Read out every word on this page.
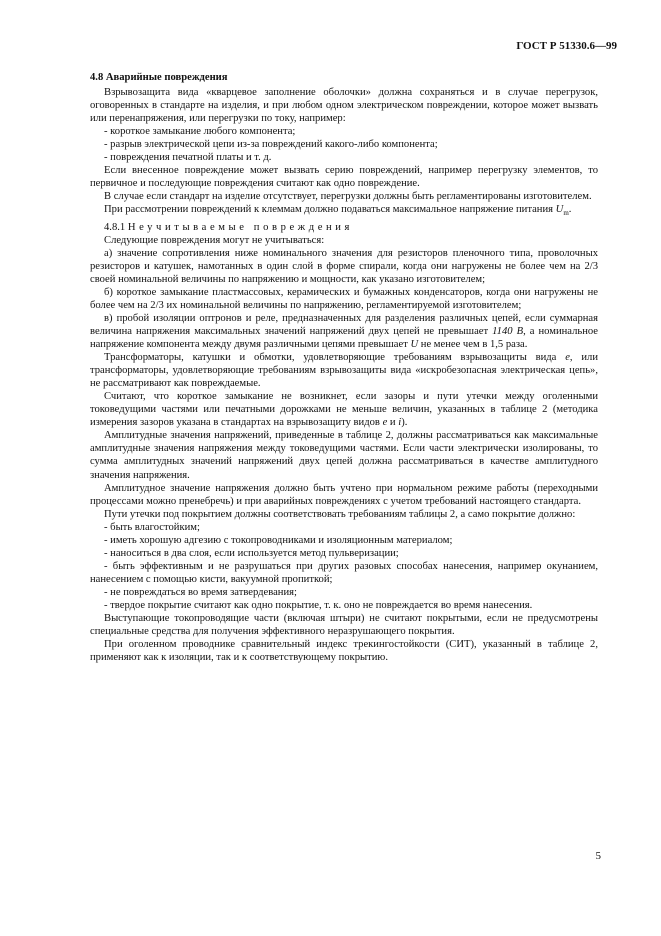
ГОСТ Р 51330.6—99

4.8 Аварийные повреждения

Взрывозащита вида «кварцевое заполнение оболочки» должна сохраняться и в случае перегрузок, оговоренных в стандарте на изделия, и при любом одном электрическом повреждении, которое может вызвать или перенапряжения, или перегрузки по току, например:

- короткое замыкание любого компонента;

- разрыв электрической цепи из-за повреждений какого-либо компонента;

- повреждения печатной платы и т. д.

Если внесенное повреждение может вызвать серию повреждений, например перегрузку элементов, то первичное и последующие повреждения считают как одно повреждение.

В случае если стандарт на изделие отсутствует, перегрузки должны быть регламентированы изготовителем.

При рассмотрении повреждений к клеммам должно подаваться максимальное напряжение питания $U_m$.

4.8.1 Неучитываемые повреждения

Следующие повреждения могут не учитываться:

а) значение сопротивления ниже номинального значения для резисторов пленочного типа, проволочных резисторов и катушек, намотанных в один слой в форме спирали, когда они нагружены не более чем на 2/3 своей номинальной величины по напряжению и мощности, как указано изготовителем;

б) короткое замыкание пластмассовых, керамических и бумажных конденсаторов, когда они нагружены не более чем на 2/3 их номинальной величины по напряжению, регламентируемой изготовителем;

в) пробой изоляции оптронов и реле, предназначенных для разделения различных цепей, если суммарная величина напряжения максимальных значений напряжений двух цепей не превышает 1140 В, а номинальное напряжение компонента между двумя различными цепями превышает U не менее чем в 1,5 раза.

Трансформаторы, катушки и обмотки, удовлетворяющие требованиям взрывозащиты вида е, или трансформаторы, удовлетворяющие требованиям взрывозащиты вида «искробезопасная электрическая цепь», не рассматривают как повреждаемые.

Считают, что короткое замыкание не возникнет, если зазоры и пути утечки между оголенными токоведущими частями или печатными дорожками не меньше величин, указанных в таблице 2 (методика измерения зазоров указана в стандартах на взрывозащиту видов е и i).

Амплитудные значения напряжений, приведенные в таблице 2, должны рассматриваться как максимальные амплитудные значения напряжения между токоведущими частями. Если части электрически изолированы, то сумма амплитудных значений напряжений двух цепей должна рассматриваться в качестве амплитудного значения напряжения.

Амплитудное значение напряжения должно быть учтено при нормальном режиме работы (переходными процессами можно пренебречь) и при аварийных повреждениях с учетом требований настоящего стандарта.

Пути утечки под покрытием должны соответствовать требованиям таблицы 2, а само покрытие должно:

- быть влагостойким;

- иметь хорошую адгезию с токопроводниками и изоляционным материалом;

- наноситься в два слоя, если используется метод пульверизации;

- быть эффективным и не разрушаться при других разовых способах нанесения, например окунанием, нанесением с помощью кисти, вакуумной пропиткой;

- не повреждаться во время затвердевания;

- твердое покрытие считают как одно покрытие, т. к. оно не повреждается во время нанесения.

Выступающие токопроводящие части (включая штыри) не считают покрытыми, если не предусмотрены специальные средства для получения эффективного неразрушающего покрытия.

При оголенном проводнике сравнительный индекс трекингостойкости (СИТ), указанный в таблице 2, применяют как к изоляции, так и к соответствующему покрытию.

5
